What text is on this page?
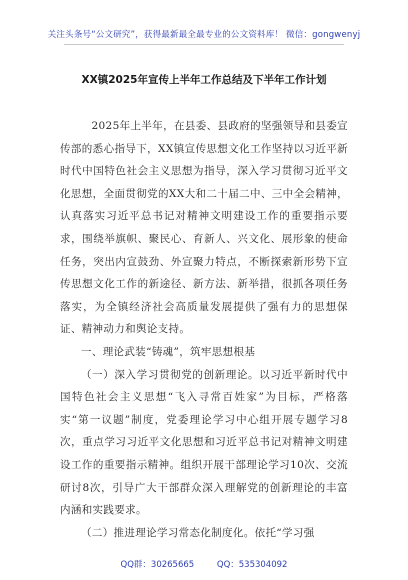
关注头条号“公文研究”，获得最新最全最专业的公文资料库！ 微信：gongwenyj
XX镇2025年宣传上半年工作总结及下半年工作计划

2025年上半年，在县委、县政府的坚强领导和县委宣传部的悉心指导下，XX镇宣传思想文化工作坚持以习近平新时代中国特色社会主义思想为指导，深入学习贯彻习近平文化思想，全面贯彻党的XX大和二十届二中、三中全会精神，认真落实习近平总书记对精神文明建设工作的重要指示要求，围绕举旗帜、聚民心、育新人、兴文化、展形象的使命任务，突出内宣鼓劲、外宣聚力特点，不断探索新形势下宣传思想文化工作的新途径、新方法、新举措，很抓各项任务落实，为全镇经济社会高质量发展提供了强有力的思想保证、精神动力和舆论支持。

一、理论武装“铸魂”，筑牢思想根基

（一）深入学习贯彻党的创新理论。以习近平新时代中国特色社会主义思想“飞入寻常百姓家”为目标，严格落实“第一议题”制度，党委理论学习中心组开展专题学习8次，重点学习习近平文化思想和习近平总书记对精神文明建设工作的重要指示精神。组织开展干部理论学习10次、交流研讨8次，引导广大干部群众深入理解党的创新理论的丰富内涵和实践要求。

（二）推进理论学习常态化制度化。依托“学习强

QQ群：30265665	QQ：535304092
